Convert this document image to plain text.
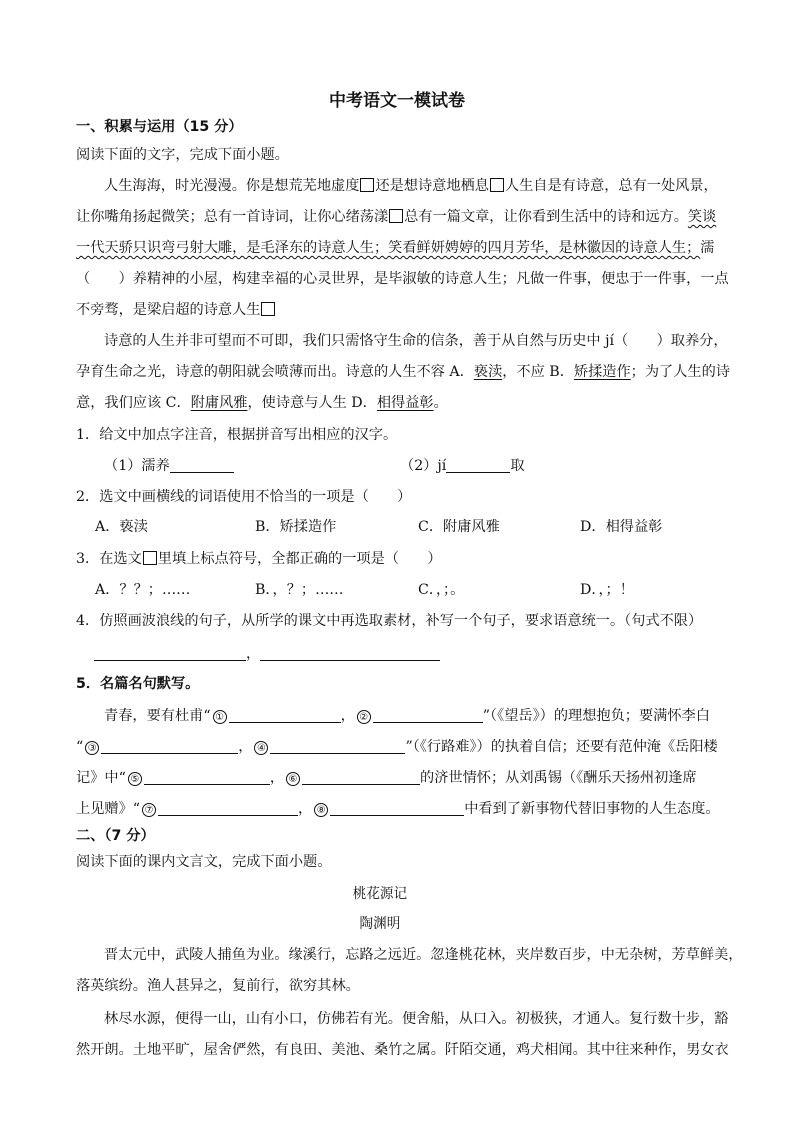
中考语文一模试卷
一、积累与运用（15 分）
阅读下面的文字，完成下面小题。
人生海海，时光漫漫。你是想荒芜地虚度 还是想诗意地栖息 人生自是有诗意，总有一处风景，
让你嘴角扬起微笑；总有一首诗词，让你心绪荡漾 总有一篇文章，让你看到生活中的诗和远方。笑谈
一代天骄只识弯弓射大雕，是毛泽东的诗意人生；笑看鲜妍娉婷的四月芳华，是林徽因的诗意人生；濡
（　　）养精神的小屋，构建幸福的心灵世界，是毕淑敏的诗意人生；凡做一件事，便忠于一件事，一点
不旁骛，是梁启超的诗意人生
诗意的人生并非可望而不可即，我们只需恪守生命的信条，善于从自然与历史中 jí（　　）取养分，
孕育生命之光，诗意的朝阳就会喷薄而出。诗意的人生不容 A．亵渎，不应 B．矫揉造作；为了人生的诗
意，我们应该 C．附庸风雅，使诗意与人生 D．相得益彰。
1．给文中加点字注音，根据拼音写出相应的汉字。
（1）濡养	（2）jí	取
2．选文中画横线的词语使用不恰当的一项是（　　）
A．亵渎	B．矫揉造作	C．附庸风雅	D．相得益彰
3．在选文 里填上标点符号，全都正确的一项是（　　）
A．？？；……	B．，？；……	C．，；。	D．，；！
4．仿照画波浪线的句子，从所学的课文中再选取素材，补写一个句子，要求语意统一。（句式不限）
，
5．名篇名句默写。
青春，要有杜甫“ ①	， ②	”（《望岳》）的理想抱负；要满怀李白
“ ③	， ④	”（《行路难》）的执着自信；还要有范仲淹《岳阳楼
记》中“ ⑤	， ⑥	的济世情怀；从刘禹锡（《酬乐天扬州初逢席
上见赠》“ ⑦	， ⑧	中看到了新事物代替旧事物的人生态度。
二、（7 分）
阅读下面的课内文言文，完成下面小题。
桃花源记
陶渊明
晋太元中，武陵人捕鱼为业。缘溪行，忘路之远近。忽逢桃花林，夹岸数百步，中无杂树，芳草鲜美，
落英缤纷。渔人甚异之，复前行，欲穷其林。
林尽水源，便得一山，山有小口，仿佛若有光。便舍船，从口入。初极狭，才通人。复行数十步，豁
然开朗。土地平旷，屋舍俨然，有良田、美池、桑竹之属。阡陌交通，鸡犬相闻。其中往来种作，男女衣
